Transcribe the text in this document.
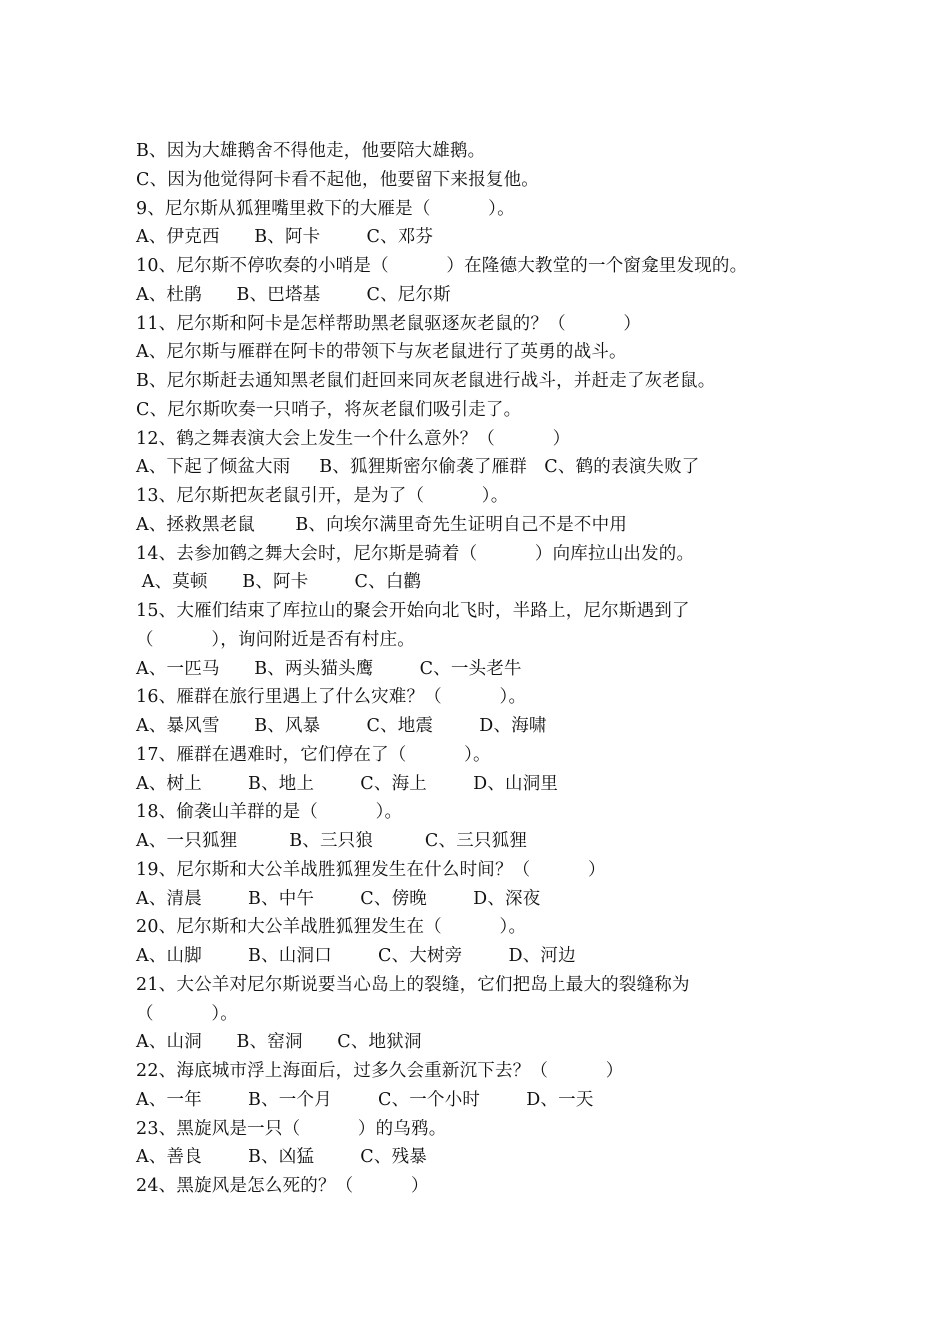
B、因为大雄鹅舍不得他走，他要陪大雄鹅。
C、因为他觉得阿卡看不起他，他要留下来报复他。
9、尼尔斯从狐狸嘴里救下的大雁是（          ）。
A、伊克西      B、阿卡        C、邓芬
10、尼尔斯不停吹奏的小哨是（          ）在隆德大教堂的一个窗龛里发现的。
A、杜鹃      B、巴塔基        C、尼尔斯
11、尼尔斯和阿卡是怎样帮助黑老鼠驱逐灰老鼠的？（          ）
A、尼尔斯与雁群在阿卡的带领下与灰老鼠进行了英勇的战斗。
B、尼尔斯赶去通知黑老鼠们赶回来同灰老鼠进行战斗，并赶走了灰老鼠。
C、尼尔斯吹奏一只哨子，将灰老鼠们吸引走了。
12、鹤之舞表演大会上发生一个什么意外？（          ）
A、下起了倾盆大雨     B、狐狸斯密尔偷袭了雁群   C、鹤的表演失败了
13、尼尔斯把灰老鼠引开，是为了（          ）。
A、拯救黑老鼠       B、向埃尔满里奇先生证明自己不是不中用
14、去参加鹤之舞大会时，尼尔斯是骑着（          ）向库拉山出发的。
A、莫顿      B、阿卡        C、白鹳
15、大雁们结束了库拉山的聚会开始向北飞时，半路上，尼尔斯遇到了
（          ），询问附近是否有村庄。
A、一匹马      B、两头猫头鹰        C、一头老牛
16、雁群在旅行里遇上了什么灾难？（          ）。
A、暴风雪      B、风暴        C、地震        D、海啸
17、雁群在遇难时，它们停在了（          ）。
A、树上        B、地上        C、海上        D、山洞里
18、偷袭山羊群的是（          ）。
A、一只狐狸         B、三只狼         C、三只狐狸
19、尼尔斯和大公羊战胜狐狸发生在什么时间？（          ）
A、清晨        B、中午        C、傍晚        D、深夜
20、尼尔斯和大公羊战胜狐狸发生在（          ）。
A、山脚        B、山洞口        C、大树旁        D、河边
21、大公羊对尼尔斯说要当心岛上的裂缝，它们把岛上最大的裂缝称为
（          ）。
A、山洞      B、窑洞      C、地狱洞
22、海底城市浮上海面后，过多久会重新沉下去？（          ）
A、一年        B、一个月        C、一个小时        D、一天
23、黑旋风是一只（          ）的乌鸦。
A、善良        B、凶猛        C、残暴
24、黑旋风是怎么死的？（          ）
